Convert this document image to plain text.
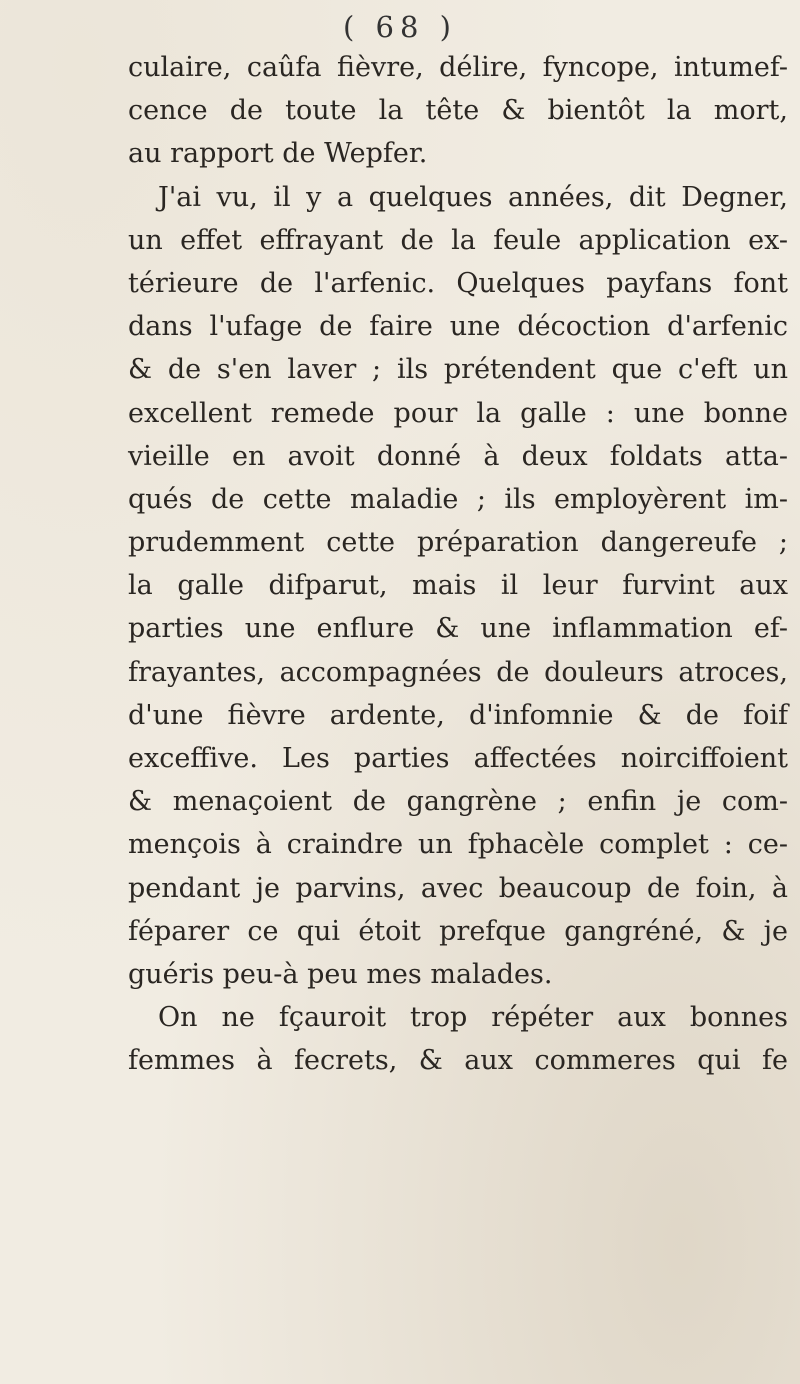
( 68 )
culaire, caûfa fièvre, délire, fyncope, intumef-
cence de toute la tête & bientôt la mort,
au rapport de Wepfer.
J'ai vu, il y a quelques années, dit Degner,
un effet effrayant de la feule application ex-
térieure de l'arfenic. Quelques payfans font
dans l'ufage de faire une décoction d'arfenic
& de s'en laver ; ils prétendent que c'eft un
excellent remede pour la galle : une bonne
vieille en avoit donné à deux foldats atta-
qués de cette maladie ; ils employèrent im-
prudemment cette préparation dangereufe ;
la galle difparut, mais il leur furvint aux
parties une enflure & une inflammation ef-
frayantes, accompagnées de douleurs atroces,
d'une fièvre ardente, d'infomnie & de foif
exceffive. Les parties affectées noirciffoient
& menaçoient de gangrène ; enfin je com-
mençois à craindre un fphacèle complet : ce-
pendant je parvins, avec beaucoup de foin, à
féparer ce qui étoit prefque gangréné, & je
guéris peu-à peu mes malades.
On ne fçauroit trop répéter aux bonnes
femmes à fecrets, & aux commeres qui fe
